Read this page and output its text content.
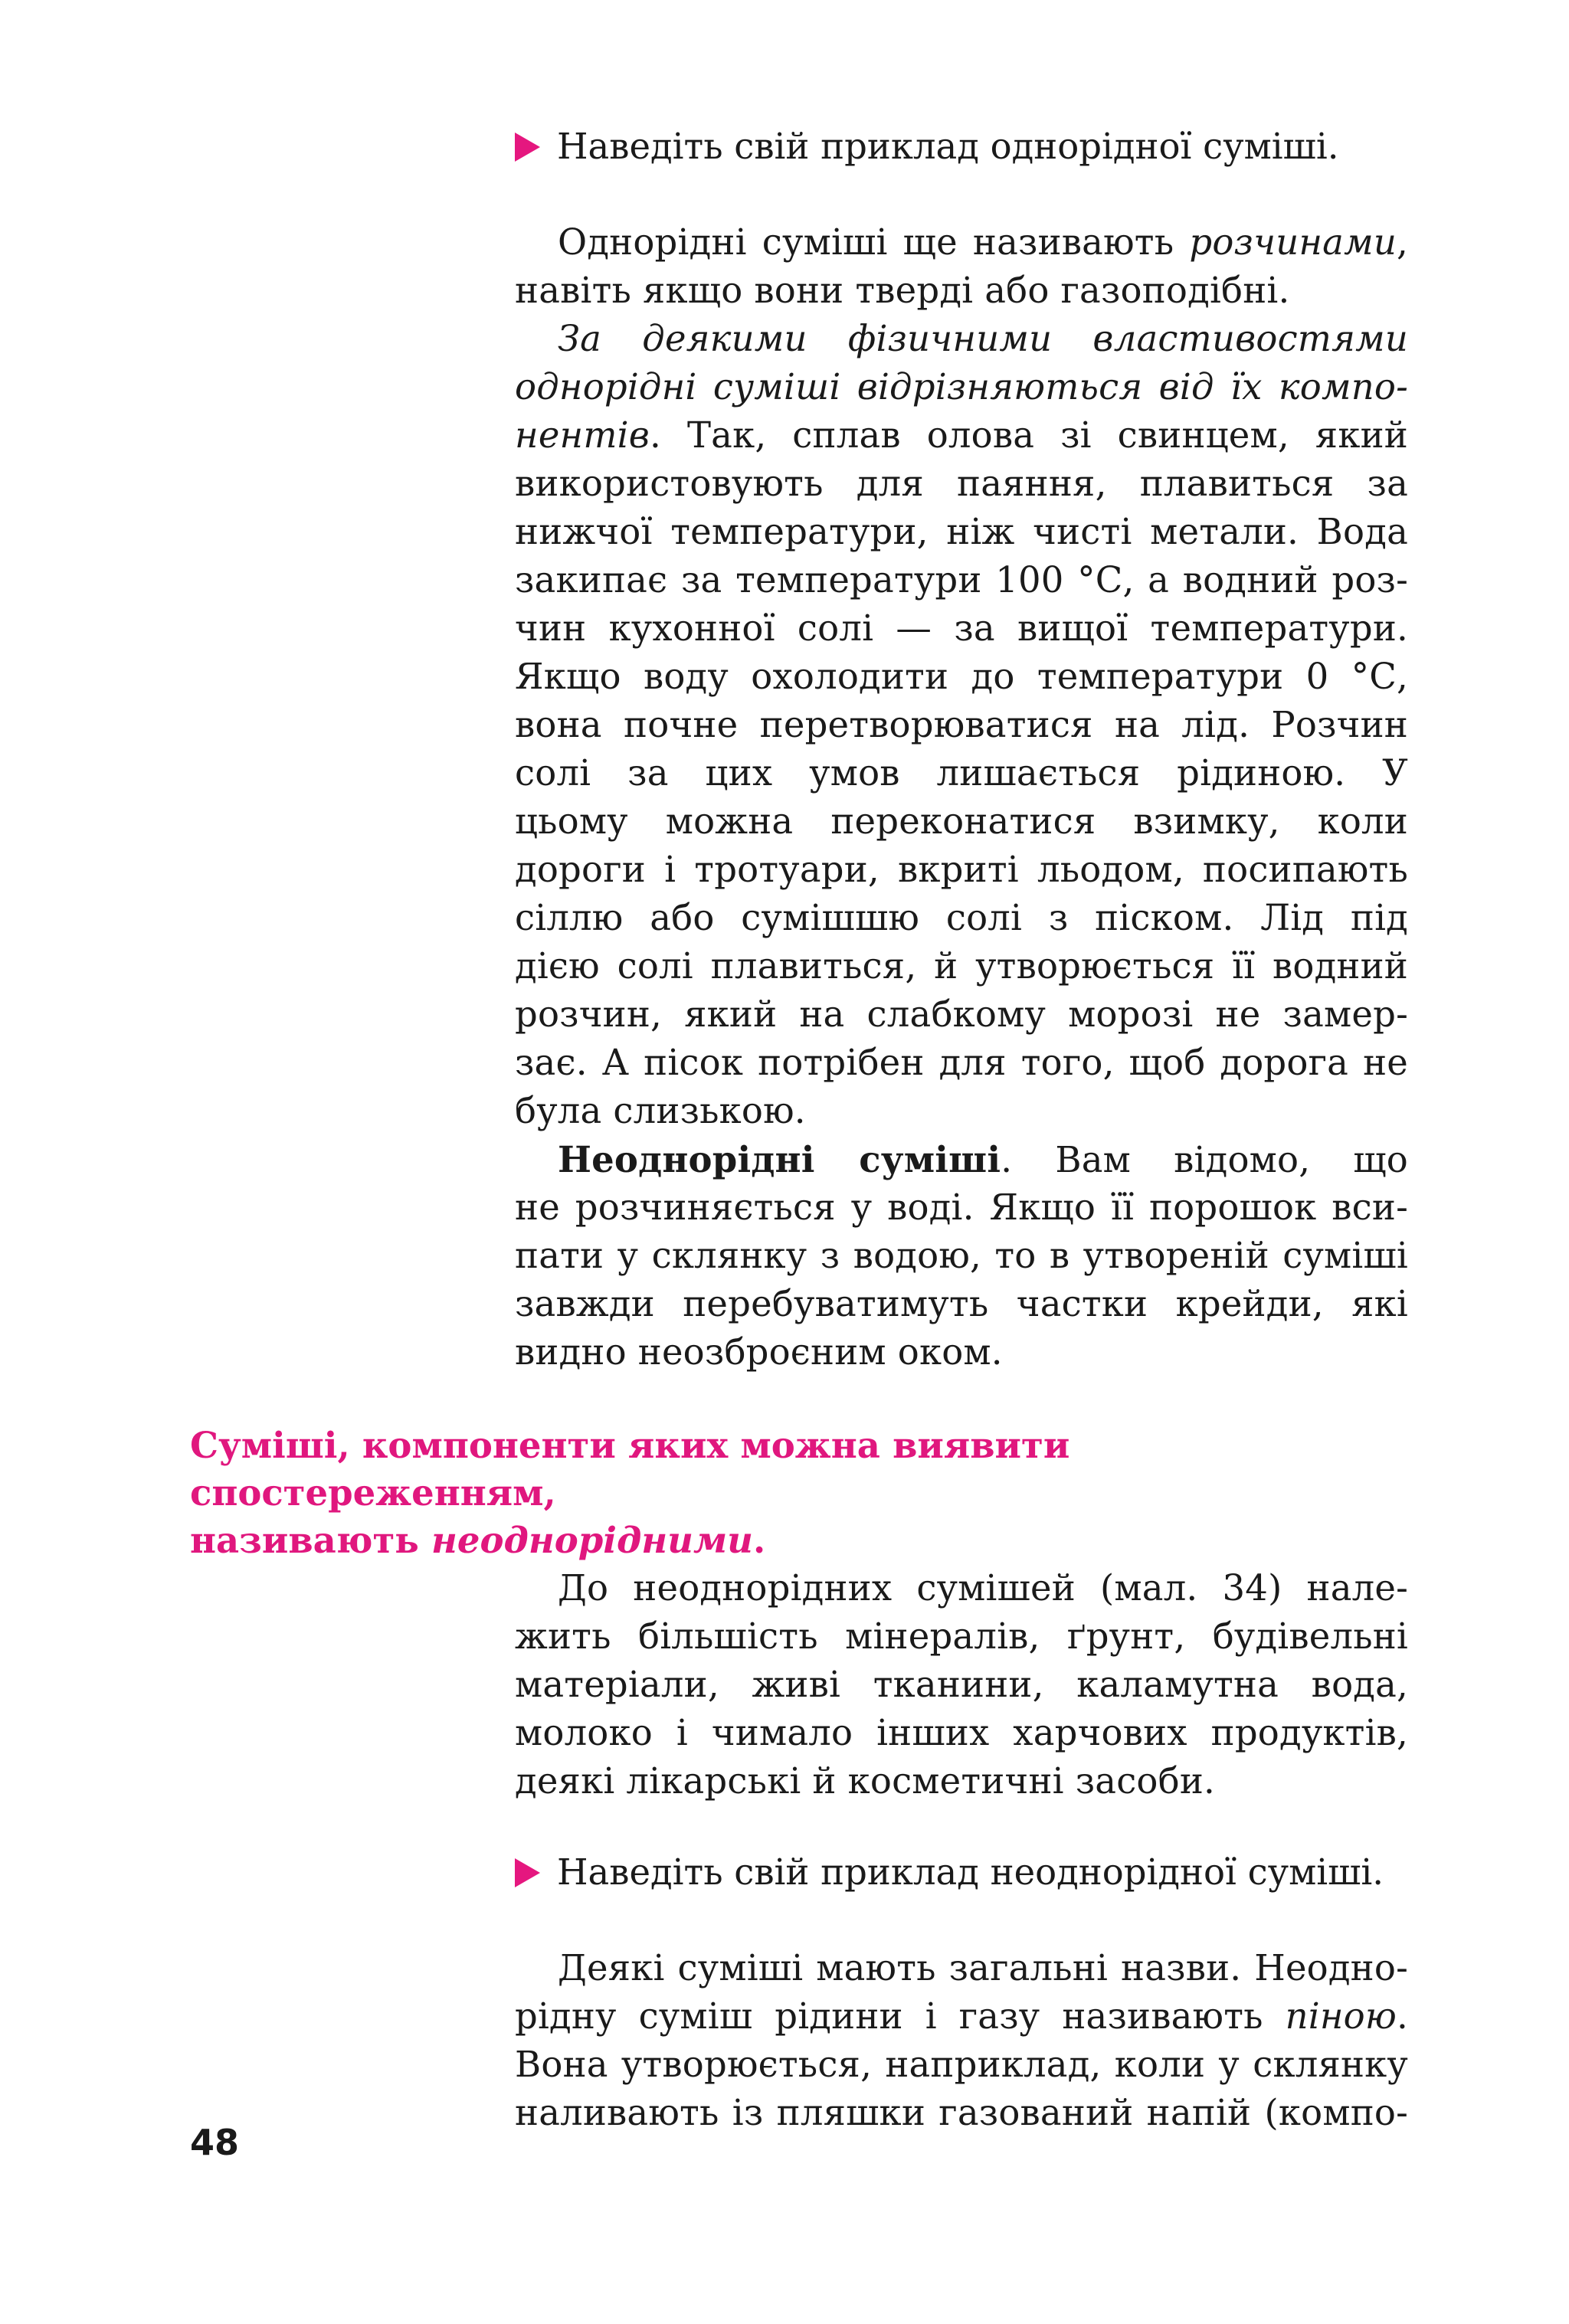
Наведіть свій приклад однорідної суміші.
Однорідні суміші ще називають розчинами,
навіть якщо вони тверді або газоподібні.
За деякими фізичними властивостями
однорідні суміші відрізняються від їх компо-
нентів. Так, сплав олова зі свинцем, який
використовують для паяння, плавиться за
нижчої температури, ніж чисті метали. Вода
закипає за температури 100 °С, а водний роз-
чин кухонної солі — за вищої температури.
Якщо воду охолодити до температури 0 °С,
вона почне перетворюватися на лід. Розчин
солі за цих умов лишається рідиною. У
цьому можна переконатися взимку, коли
дороги і тротуари, вкриті льодом, посипають
сіллю або сумішшю солі з піском. Лід під
дією солі плавиться, й утворюється її водний
розчин, який на слабкому морозі не замер-
зає. А пісок потрібен для того, щоб дорога не
була слизькою.
Неоднорідні суміші. Вам відомо, що
не розчиняється у воді. Якщо її порошок вси-
пати у склянку з водою, то в утвореній суміші
завжди перебуватимуть частки крейди, які
видно неозброєним оком.
Суміші, компоненти яких можна виявити спостереженням,
називають неоднорідними.
До неоднорідних сумішей (мал. 34) нале-
жить більшість мінералів, ґрунт, будівельні
матеріали, живі тканини, каламутна вода,
молоко і чимало інших харчових продуктів,
деякі лікарські й косметичні засоби.
Наведіть свій приклад неоднорідної суміші.
Деякі суміші мають загальні назви. Неодно-
рідну суміш рідини і газу називають піною.
Вона утворюється, наприклад, коли у склянку
наливають із пляшки газований напій (компо-
48
